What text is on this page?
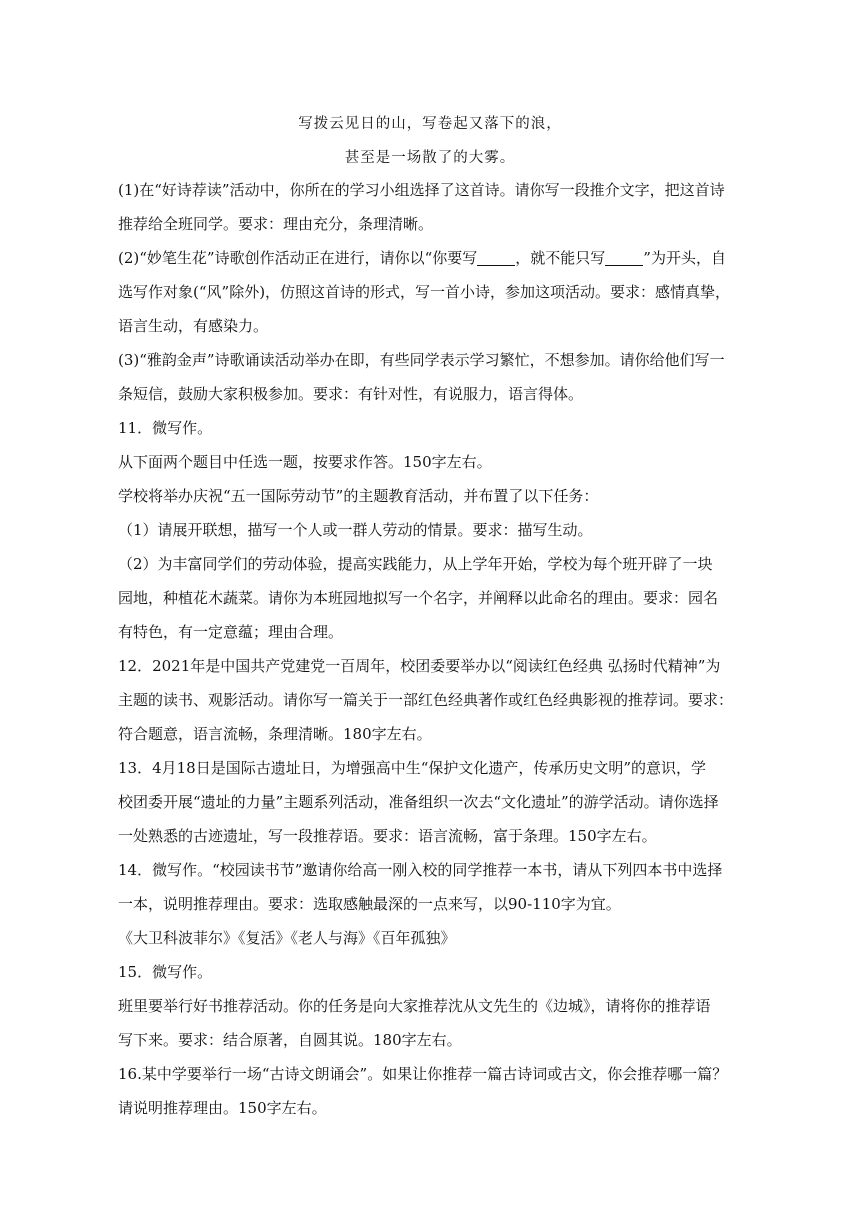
写拨云见日的山，写卷起又落下的浪，
甚至是一场散了的大雾。
(1)在“好诗荐读”活动中，你所在的学习小组选择了这首诗。请你写一段推介文字，把这首诗
推荐给全班同学。要求：理由充分，条理清晰。
(2)“妙笔生花”诗歌创作活动正在进行，请你以“你要写	，就不能只写	”为开头，自
选写作对象(“风”除外)，仿照这首诗的形式，写一首小诗，参加这项活动。要求：感情真挚，
语言生动，有感染力。
(3)“雅韵金声”诗歌诵读活动举办在即，有些同学表示学习繁忙，不想参加。请你给他们写一
条短信，鼓励大家积极参加。要求：有针对性，有说服力，语言得体。
11．微写作。
从下面两个题目中任选一题，按要求作答。150字左右。
学校将举办庆祝“五一国际劳动节”的主题教育活动，并布置了以下任务：
（1）请展开联想，描写一个人或一群人劳动的情景。要求：描写生动。
（2）为丰富同学们的劳动体验，提高实践能力，从上学年开始，学校为每个班开辟了一块
园地，种植花木蔬菜。请你为本班园地拟写一个名字，并阐释以此命名的理由。要求：园名
有特色，有一定意蕴；理由合理。
12．2021年是中国共产党建党一百周年，校团委要举办以“阅读红色经典 弘扬时代精神”为
主题的读书、观影活动。请你写一篇关于一部红色经典著作或红色经典影视的推荐词。要求：
符合题意，语言流畅，条理清晰。180字左右。
13．4月18日是国际古遗址日，为增强高中生“保护文化遗产，传承历史文明”的意识，学
校团委开展“遗址的力量”主题系列活动，准备组织一次去“文化遗址”的游学活动。请你选择
一处熟悉的古迹遗址，写一段推荐语。要求：语言流畅，富于条理。150字左右。
14．微写作。“校园读书节”邀请你给高一刚入校的同学推荐一本书，请从下列四本书中选择
一本，说明推荐理由。要求：选取感触最深的一点来写，以90-110字为宜。
《大卫科波菲尔》《复活》《老人与海》《百年孤独》
15．微写作。
班里要举行好书推荐活动。你的任务是向大家推荐沈从文先生的《边城》，请将你的推荐语
写下来。要求：结合原著，自圆其说。180字左右。
16.某中学要举行一场“古诗文朗诵会”。如果让你推荐一篇古诗词或古文，你会推荐哪一篇？
请说明推荐理由。150字左右。
